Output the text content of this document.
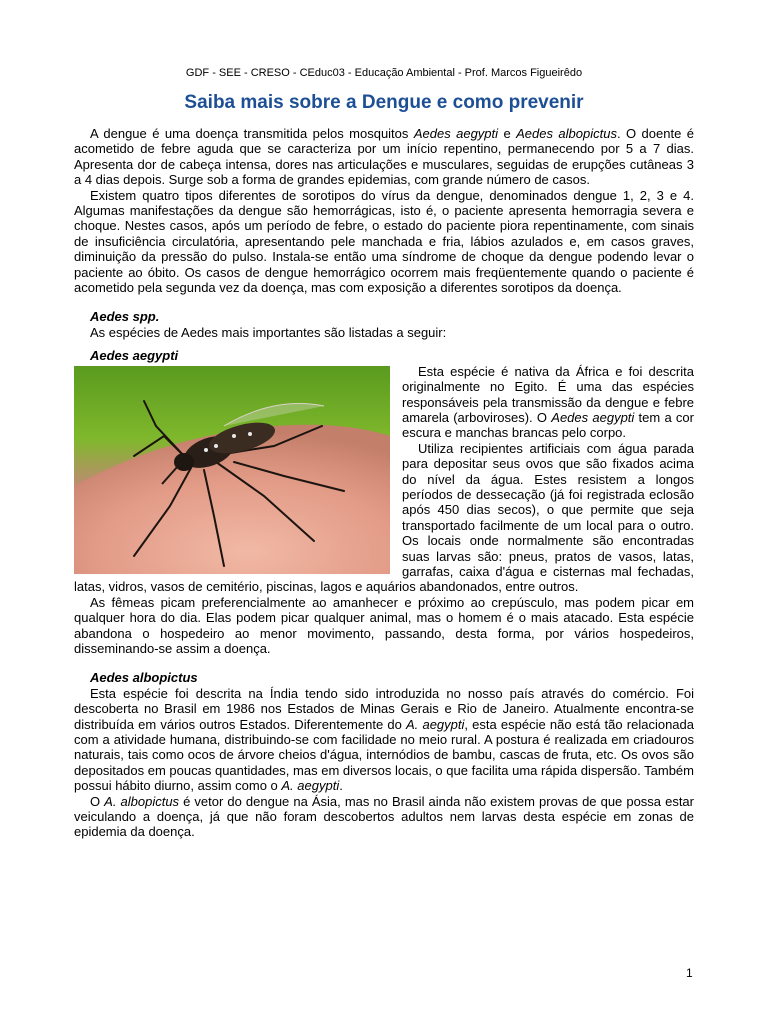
GDF - SEE - CRESO - CEduc03 - Educação Ambiental - Prof. Marcos Figueirêdo
Saiba mais sobre a Dengue e como prevenir

A dengue é uma doença transmitida pelos mosquitos Aedes aegypti e Aedes albopictus. O doente é acometido de febre aguda que se caracteriza por um início repentino, permanecendo por 5 a 7 dias. Apresenta dor de cabeça intensa, dores nas articulações e musculares, seguidas de erupções cutâneas 3 a 4 dias depois. Surge sob a forma de grandes epidemias, com grande número de casos.

Existem quatro tipos diferentes de sorotipos do vírus da dengue, denominados dengue 1, 2, 3 e 4. Algumas manifestações da dengue são hemorrágicas, isto é, o paciente apresenta hemorragia severa e choque. Nestes casos, após um período de febre, o estado do paciente piora repentinamente, com sinais de insuficiência circulatória, apresentando pele manchada e fria, lábios azulados e, em casos graves, diminuição da pressão do pulso. Instala-se então uma síndrome de choque da dengue podendo levar o paciente ao óbito. Os casos de dengue hemorrágico ocorrem mais freqüentemente quando o paciente é acometido pela segunda vez da doença, mas com exposição a diferentes sorotipos da doença.

Aedes spp.

As espécies de Aedes mais importantes são listadas a seguir:

Aedes aegypti

Esta espécie é nativa da África e foi descrita originalmente no Egito. É uma das espécies responsáveis pela transmissão da dengue e febre amarela (arboviroses). O Aedes aegypti tem a cor escura e manchas brancas pelo corpo.

Utiliza recipientes artificiais com água parada para depositar seus ovos que são fixados acima do nível da água. Estes resistem a longos períodos de dessecação (já foi registrada eclosão após 450 dias secos), o que permite que seja transportado facilmente de um local para o outro. Os locais onde normalmente são encontradas suas larvas são: pneus, pratos de vasos, latas, garrafas, caixa d'água e cisternas mal fechadas, latas, vidros, vasos de cemitério, piscinas, lagos e aquários abandonados, entre outros.

As fêmeas picam preferencialmente ao amanhecer e próximo ao crepúsculo, mas podem picar em qualquer hora do dia. Elas podem picar qualquer animal, mas o homem é o mais atacado. Esta espécie abandona o hospedeiro ao menor movimento, passando, desta forma, por vários hospedeiros, disseminando-se assim a doença.

Aedes albopictus

Esta espécie foi descrita na Índia tendo sido introduzida no nosso país através do comércio. Foi descoberta no Brasil em 1986 nos Estados de Minas Gerais e Rio de Janeiro. Atualmente encontra-se distribuída em vários outros Estados. Diferentemente do A. aegypti, esta espécie não está tão relacionada com a atividade humana, distribuindo-se com facilidade no meio rural. A postura é realizada em criadouros naturais, tais como ocos de árvore cheios d'água, internódios de bambu, cascas de fruta, etc. Os ovos são depositados em poucas quantidades, mas em diversos locais, o que facilita uma rápida dispersão. Também possui hábito diurno, assim como o A. aegypti.

O A. albopictus é vetor do dengue na Ásia, mas no Brasil ainda não existem provas de que possa estar veiculando a doença, já que não foram descobertos adultos nem larvas desta espécie em zonas de epidemia da doença.

1
